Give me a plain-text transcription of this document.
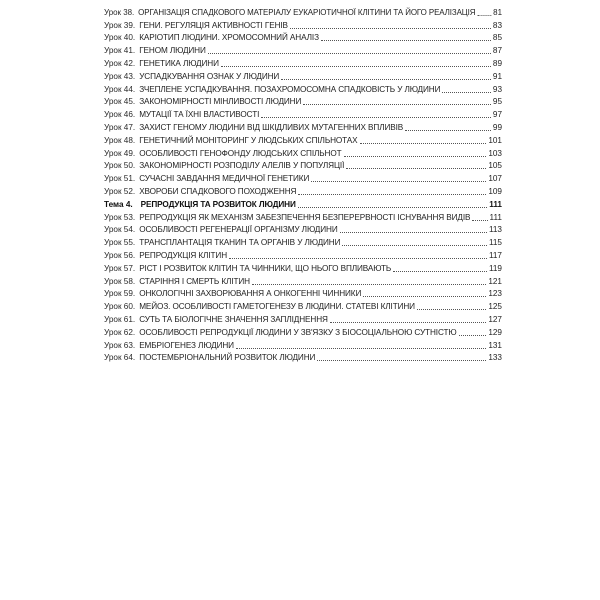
Урок 38. ОРГАНІЗАЦІЯ СПАДКОВОГО МАТЕРІАЛУ ЕУКАРІОТИЧНОЇ КЛІТИНИ ТА ЙОГО РЕАЛІЗАЦІЯ 81
Урок 39. ГЕНИ. РЕГУЛЯЦІЯ АКТИВНОСТІ ГЕНІВ	83
Урок 40. КАРІОТИП ЛЮДИНИ. ХРОМОСОМНИЙ АНАЛІЗ	85
Урок 41. ГЕНОМ ЛЮДИНИ	87
Урок 42. ГЕНЕТИКА ЛЮДИНИ	89
Урок 43. УСПАДКУВАННЯ ОЗНАК У ЛЮДИНИ	91
Урок 44. ЗЧЕПЛЕНЕ УСПАДКУВАННЯ. ПОЗАХРОМОСОМНА СПАДКОВІСТЬ У ЛЮДИНИ	93
Урок 45. ЗАКОНОМІРНОСТІ МІНЛИВОСТІ ЛЮДИНИ	95
Урок 46. МУТАЦІЇ ТА ЇХНІ ВЛАСТИВОСТІ	97
Урок 47. ЗАХИСТ ГЕНОМУ ЛЮДИНИ ВІД ШКІДЛИВИХ МУТАГЕННИХ ВПЛИВІВ	99
Урок 48. ГЕНЕТИЧНИЙ МОНІТОРИНГ У ЛЮДСЬКИХ СПІЛЬНОТАХ	101
Урок 49. ОСОБЛИВОСТІ ГЕНОФОНДУ ЛЮДСЬКИХ СПІЛЬНОТ	103
Урок 50. ЗАКОНОМІРНОСТІ РОЗПОДІЛУ АЛЕЛІВ У ПОПУЛЯЦІЇ	105
Урок 51. СУЧАСНІ ЗАВДАННЯ МЕДИЧНОЇ ГЕНЕТИКИ	107
Урок 52. ХВОРОБИ СПАДКОВОГО ПОХОДЖЕННЯ	109
Тема 4. РЕПРОДУКЦІЯ ТА РОЗВИТОК ЛЮДИНИ	111
Урок 53. РЕПРОДУКЦІЯ ЯК МЕХАНІЗМ ЗАБЕЗПЕЧЕННЯ БЕЗПЕРЕРВНОСТІ ІСНУВАННЯ ВИДІВ 111
Урок 54. ОСОБЛИВОСТІ РЕГЕНЕРАЦІЇ ОРГАНІЗМУ ЛЮДИНИ	113
Урок 55. ТРАНСПЛАНТАЦІЯ ТКАНИН ТА ОРГАНІВ У ЛЮДИНИ	115
Урок 56. РЕПРОДУКЦІЯ КЛІТИН	117
Урок 57. РІСТ І РОЗВИТОК КЛІТИН ТА ЧИННИКИ, ЩО НЬОГО ВПЛИВАЮТЬ	119
Урок 58. СТАРІННЯ І СМЕРТЬ КЛІТИН	121
Урок 59. ОНКОЛОГІЧНІ ЗАХВОРЮВАННЯ А ОНКОГЕННІ ЧИННИКИ	123
Урок 60. МЕЙОЗ. ОСОБЛИВОСТІ ГАМЕТОГЕНЕЗУ В ЛЮДИНИ. СТАТЕВІ КЛІТИНИ	125
Урок 61. СУТЬ ТА БІОЛОГІЧНЕ ЗНАЧЕННЯ ЗАПЛІДНЕННЯ	127
Урок 62. ОСОБЛИВОСТІ РЕПРОДУКЦІЇ ЛЮДИНИ У ЗВ'ЯЗКУ З БІОСОЦІАЛЬНОЮ СУТНІСТЮ	129
Урок 63. ЕМБРІОГЕНЕЗ ЛЮДИНИ	131
Урок 64. ПОСТЕМБРІОНАЛЬНИЙ РОЗВИТОК ЛЮДИНИ	133
